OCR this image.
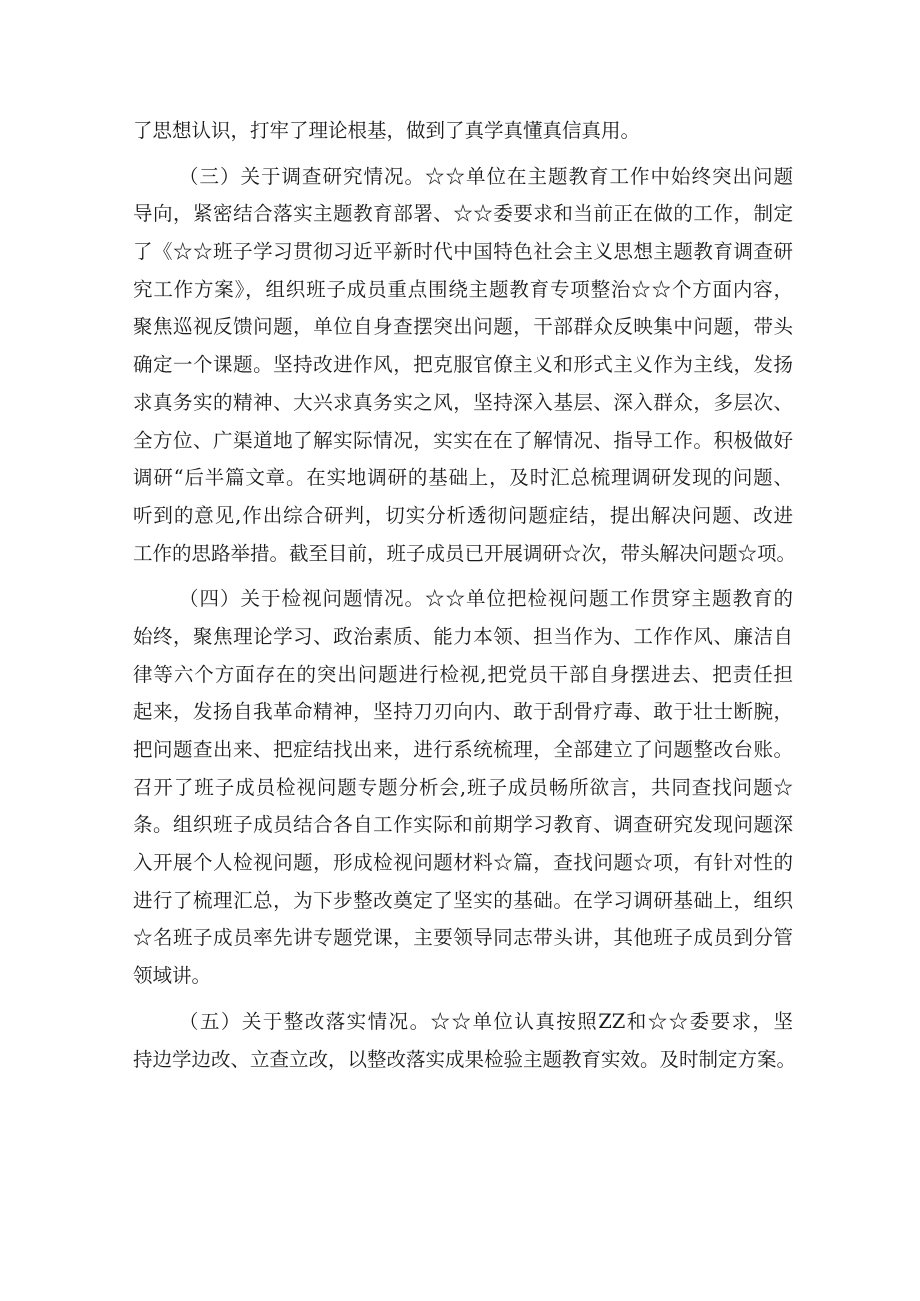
了思想认识，打牢了理论根基，做到了真学真懂真信真用。
（三）关于调查研究情况。☆☆单位在主题教育工作中始终突出问题
导向，紧密结合落实主题教育部署、☆☆委要求和当前正在做的工作，制定
了《☆☆班子学习贯彻习近平新时代中国特色社会主义思想主题教育调查研
究工作方案》，组织班子成员重点围绕主题教育专项整治☆☆个方面内容，
聚焦巡视反馈问题，单位自身查摆突出问题，干部群众反映集中问题，带头
确定一个课题。坚持改进作风，把克服官僚主义和形式主义作为主线，发扬
求真务实的精神、大兴求真务实之风，坚持深入基层、深入群众，多层次、
全方位、广渠道地了解实际情况，实实在在了解情况、指导工作。积极做好
调研“后半篇文章。在实地调研的基础上，及时汇总梳理调研发现的问题、
听到的意见,作出综合研判，切实分析透彻问题症结，提出解决问题、改进
工作的思路举措。截至目前，班子成员已开展调研☆次，带头解决问题☆项。
（四）关于检视问题情况。☆☆单位把检视问题工作贯穿主题教育的
始终，聚焦理论学习、政治素质、能力本领、担当作为、工作作风、廉洁自
律等六个方面存在的突出问题进行检视,把党员干部自身摆进去、把责任担
起来，发扬自我革命精神，坚持刀刃向内、敢于刮骨疗毒、敢于壮士断腕，
把问题查出来、把症结找出来，进行系统梳理，全部建立了问题整改台账。
召开了班子成员检视问题专题分析会,班子成员畅所欲言，共同查找问题☆
条。组织班子成员结合各自工作实际和前期学习教育、调查研究发现问题深
入开展个人检视问题，形成检视问题材料☆篇，查找问题☆项，有针对性的
进行了梳理汇总，为下步整改奠定了坚实的基础。在学习调研基础上，组织
☆名班子成员率先讲专题党课，主要领导同志带头讲，其他班子成员到分管
领域讲。
（五）关于整改落实情况。☆☆单位认真按照ZZ和☆☆委要求，坚
持边学边改、立查立改，以整改落实成果检验主题教育实效。及时制定方案。
